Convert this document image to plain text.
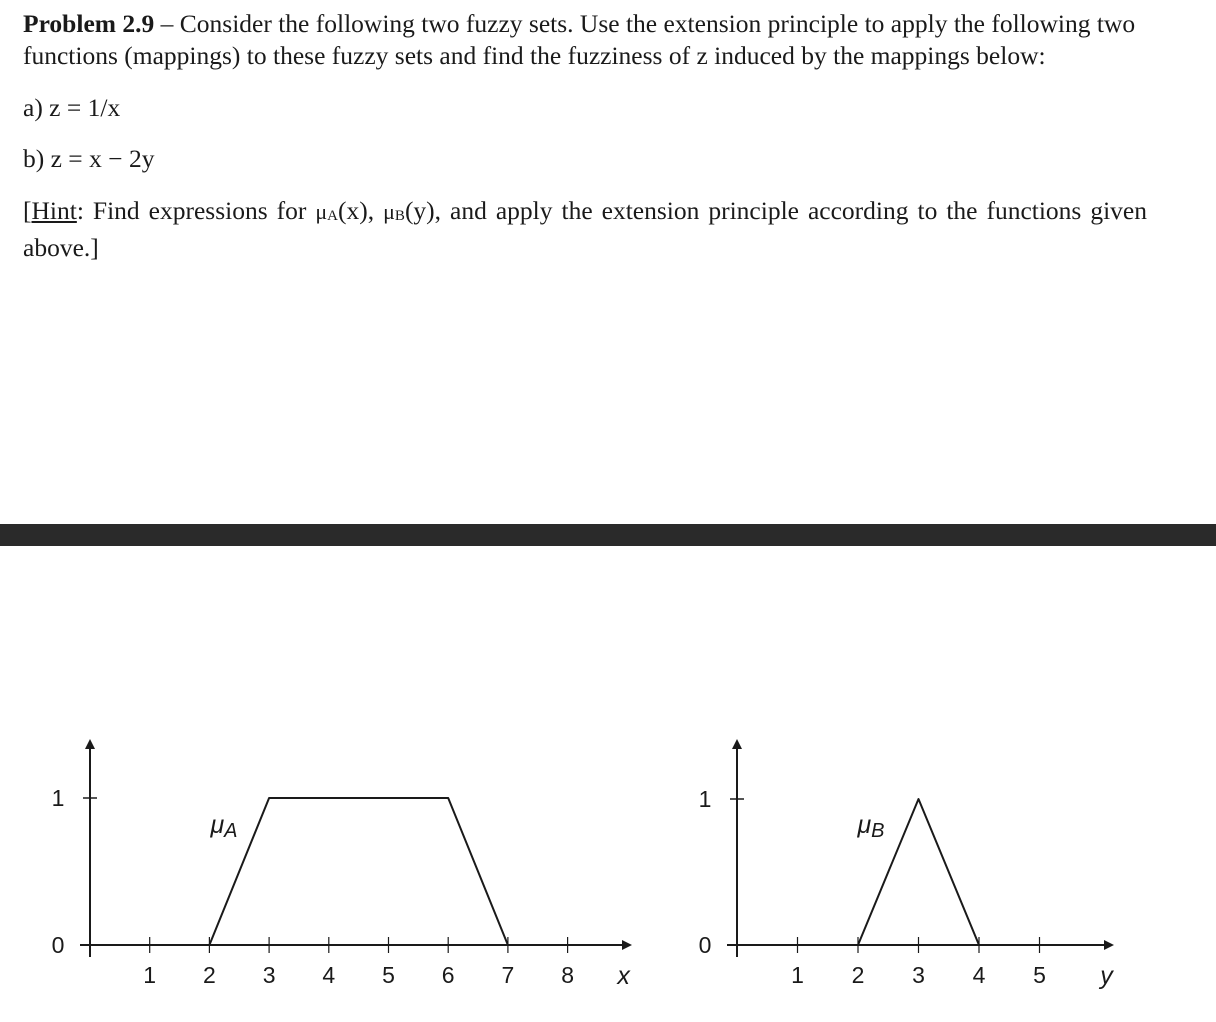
Problem 2.9 – Consider the following two fuzzy sets. Use the extension principle to apply the following two functions (mappings) to these fuzzy sets and find the fuzziness of z induced by the mappings below:
a) z = 1/x
b) z = x − 2y
[Hint: Find expressions for μA(x), μB(y), and apply the extension principle according to the functions given above.]
0
1
1 2 3 4 5 6 7 8 x
μA
0
1
1 2 3 4 5 y
μB
